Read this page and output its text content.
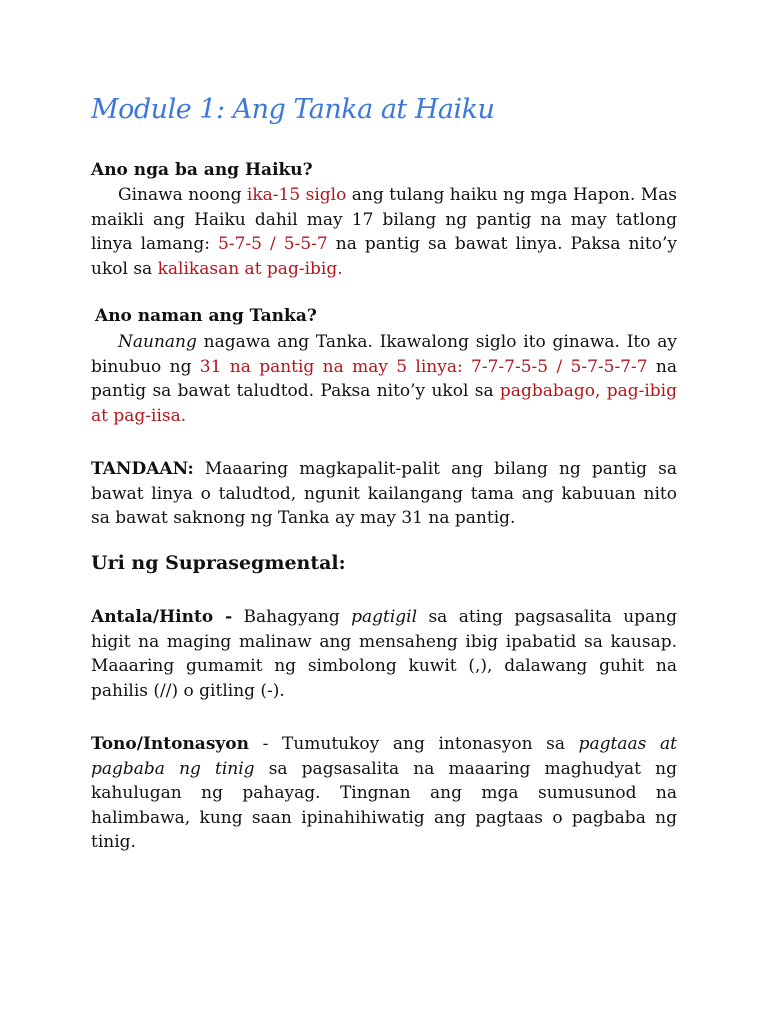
Module 1: Ang Tanka at Haiku
Ano nga ba ang Haiku?

Ginawa noong ika-15 siglo ang tulang haiku ng mga Hapon. Mas maikli ang Haiku dahil may 17 bilang ng pantig na may tatlong linya lamang: 5-7-5 / 5-5-7 na pantig sa bawat linya. Paksa nito’y ukol sa kalikasan at pag-ibig.

Ano naman ang Tanka?

Naunang nagawa ang Tanka. Ikawalong siglo ito ginawa. Ito ay binubuo ng 31 na pantig na may 5 linya: 7-7-7-5-5 / 5-7-5-7-7 na pantig sa bawat taludtod. Paksa nito’y ukol sa pagbabago, pag-ibig at pag-iisa.

TANDAAN: Maaaring magkapalit-palit ang bilang ng pantig sa bawat linya o taludtod, ngunit kailangang tama ang kabuuan nito sa bawat saknong ng Tanka ay may 31 na pantig.

Uri ng Suprasegmental:

Antala/Hinto - Bahagyang pagtigil sa ating pagsasalita upang higit na maging malinaw ang mensaheng ibig ipabatid sa kausap. Maaaring gumamit ng simbolong kuwit (,), dalawang guhit na pahilis (//) o gitling (-).

Tono/Intonasyon - Tumutukoy ang intonasyon sa pagtaas at pagbaba ng tinig sa pagsasalita na maaaring maghudyat ng kahulugan ng pahayag. Tingnan ang mga sumusunod na halimbawa, kung saan ipinahihiwatig ang pagtaas o pagbaba ng tinig.
